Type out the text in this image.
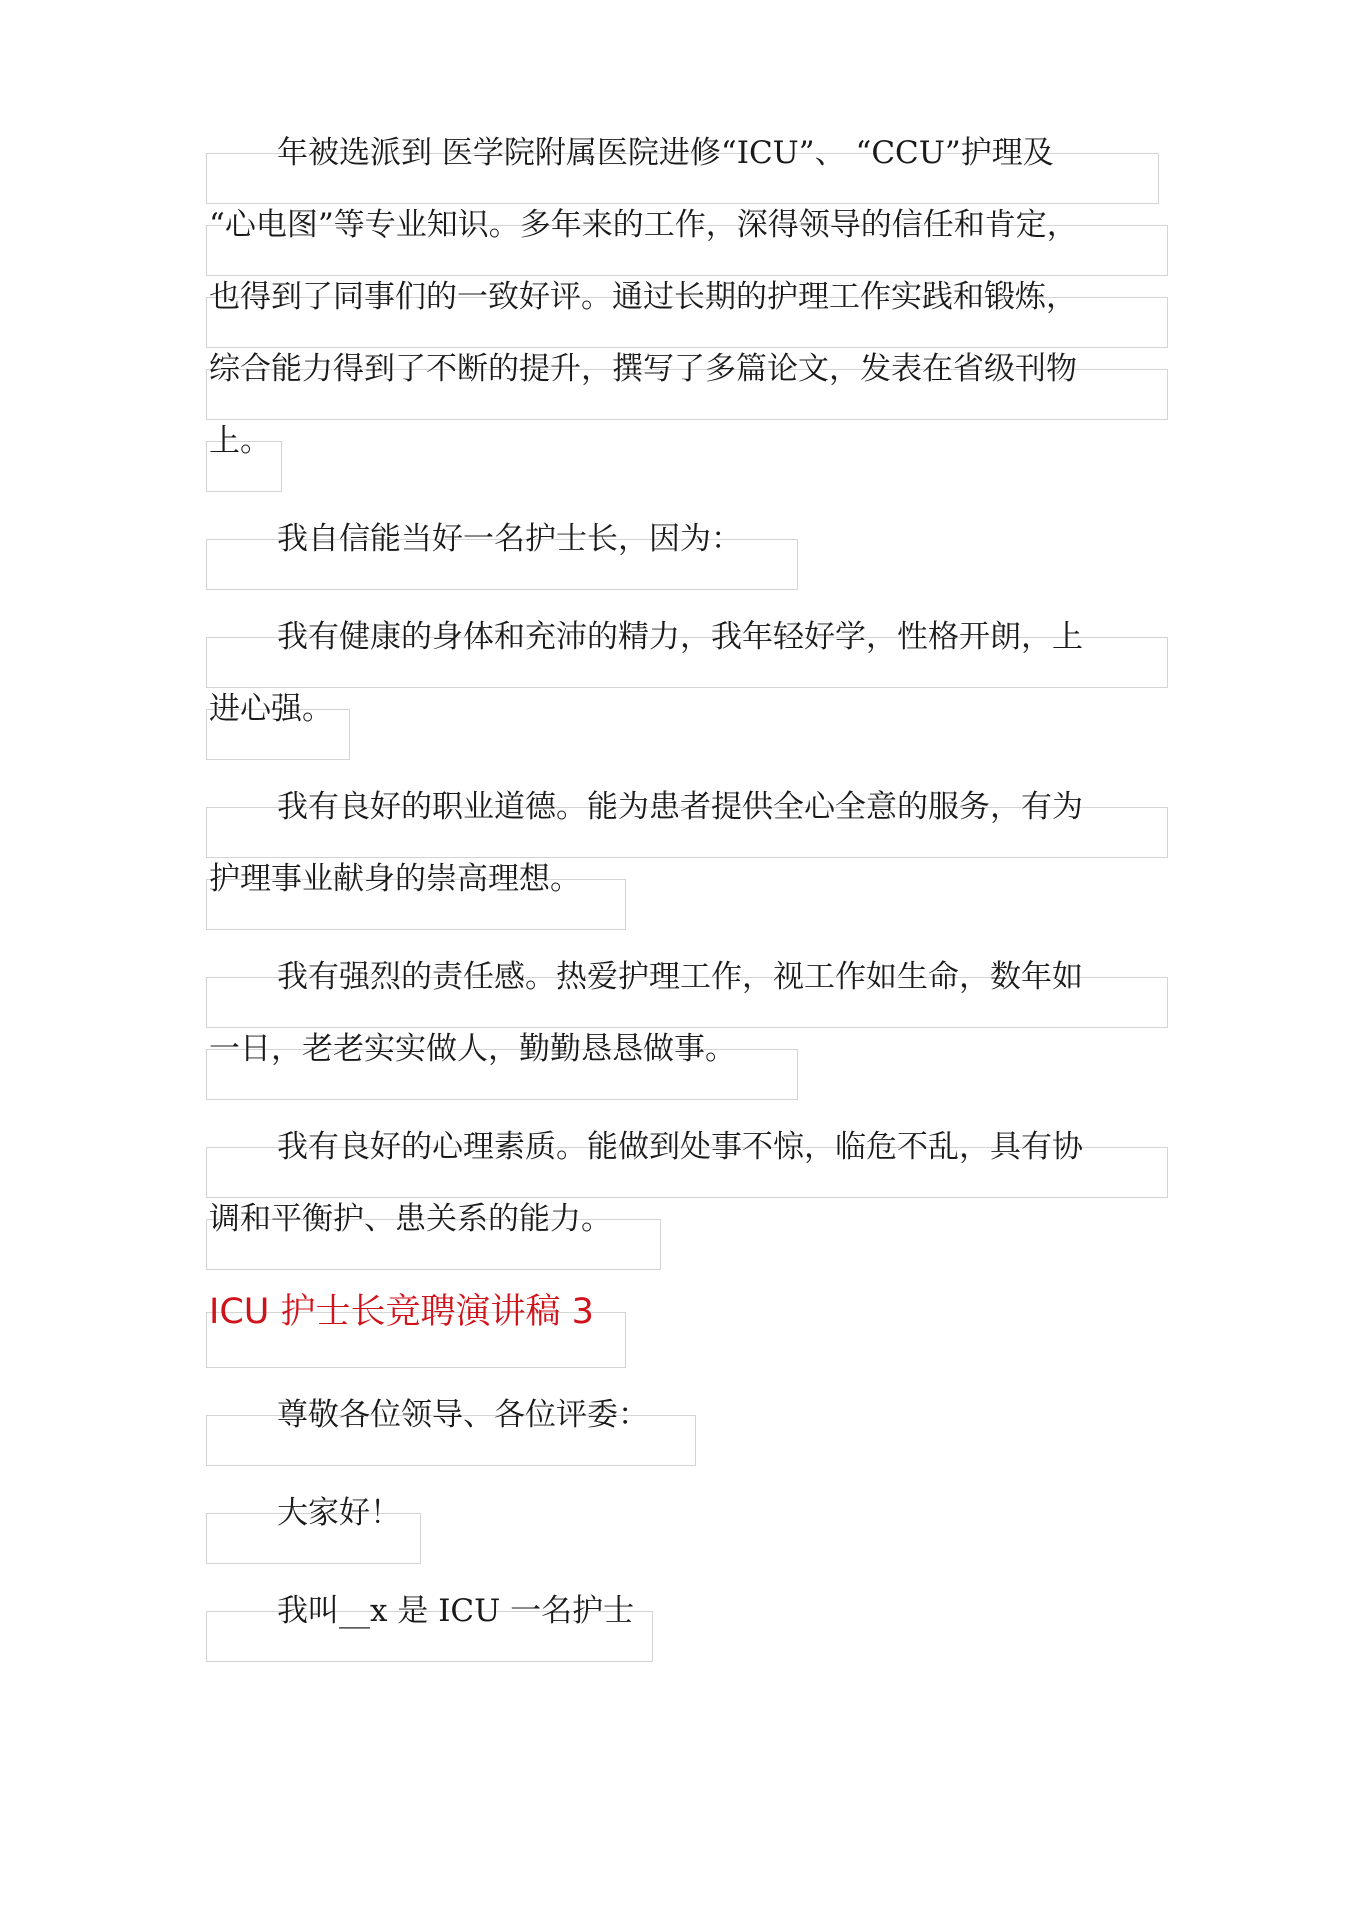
年被选派到 医学院附属医院进修“ICU”、 “CCU”护理及
“心电图”等专业知识。多年来的工作，深得领导的信任和肯定，
也得到了同事们的一致好评。通过长期的护理工作实践和锻炼，
综合能力得到了不断的提升，撰写了多篇论文，发表在省级刊物
上。
我自信能当好一名护士长，因为：
我有健康的身体和充沛的精力，我年轻好学，性格开朗，上
进心强。
我有良好的职业道德。能为患者提供全心全意的服务，有为
护理事业献身的崇高理想。
我有强烈的责任感。热爱护理工作，视工作如生命，数年如
一日，老老实实做人，勤勤恳恳做事。
我有良好的心理素质。能做到处事不惊，临危不乱，具有协
调和平衡护、患关系的能力。
ICU 护士长竞聘演讲稿 3
尊敬各位领导、各位评委：
大家好！
我叫__x 是 ICU 一名护士
